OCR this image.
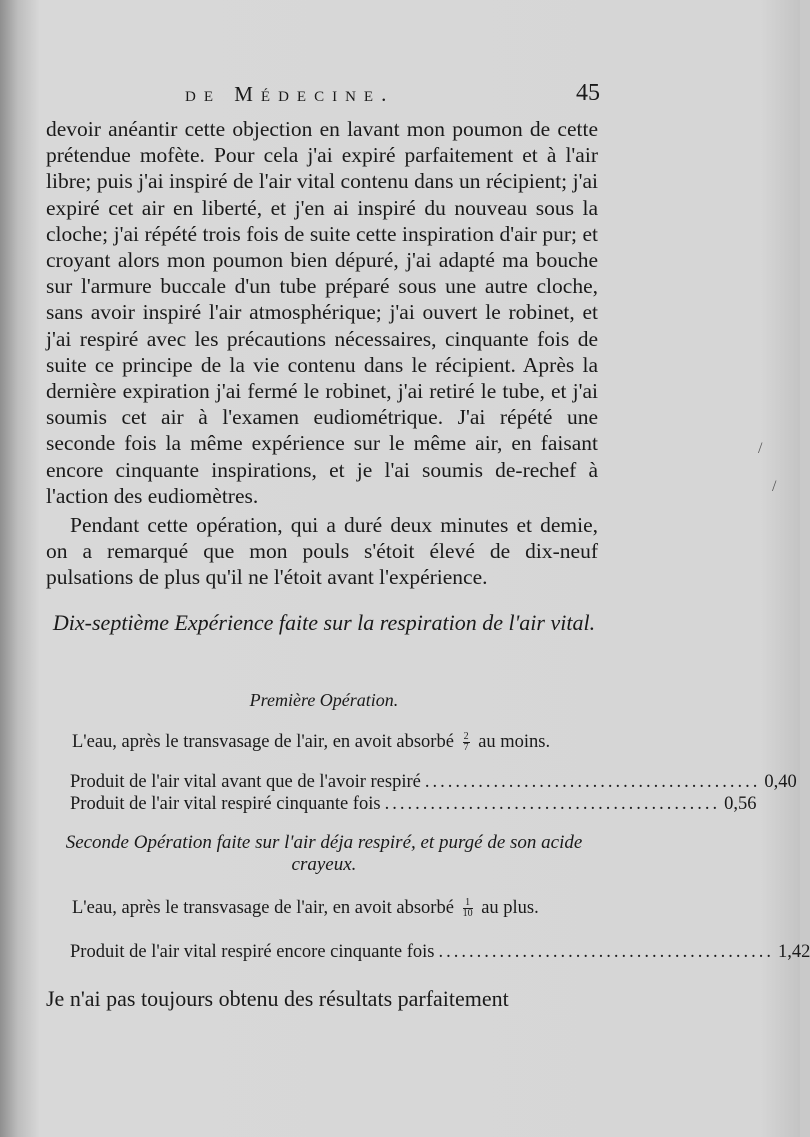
de Médecine.	45

devoir anéantir cette objection en lavant mon poumon de cette prétendue mofète. Pour cela j'ai expiré parfaitement et à l'air libre; puis j'ai inspiré de l'air vital contenu dans un récipient; j'ai expiré cet air en liberté, et j'en ai inspiré du nouveau sous la cloche; j'ai répété trois fois de suite cette inspiration d'air pur; et croyant alors mon poumon bien dépuré, j'ai adapté ma bouche sur l'armure buccale d'un tube préparé sous une autre cloche, sans avoir inspiré l'air atmosphérique; j'ai ouvert le robinet, et j'ai respiré avec les précautions nécessaires, cinquante fois de suite ce principe de la vie contenu dans le récipient. Après la dernière expiration j'ai fermé le robinet, j'ai retiré le tube, et j'ai soumis cet air à l'examen eudiométrique. J'ai répété une seconde fois la même expérience sur le même air, en faisant encore cinquante inspirations, et je l'ai soumis de-rechef à l'action des eudiomètres.

Pendant cette opération, qui a duré deux minutes et demie, on a remarqué que mon pouls s'étoit élevé de dix-neuf pulsations de plus qu'il ne l'étoit avant l'expérience.

Dix-septième Expérience faite sur la respiration de l'air vital.

Première Opération.

L'eau, après le transvasage de l'air, en avoit absorbé $\frac{2}{7}$ au moins.

Produit de l'air vital avant que de l'avoir respiré ............................................ 0,40
Produit de l'air vital respiré cinquante fois ............................................ 0,56

Seconde Opération faite sur l'air déja respiré, et purgé de son acide crayeux.

L'eau, après le transvasage de l'air, en avoit absorbé $\frac{1}{10}$ au plus.

Produit de l'air vital respiré encore cinquante fois ............................................ 1,42

Je n'ai pas toujours obtenu des résultats parfaitement

/
/
